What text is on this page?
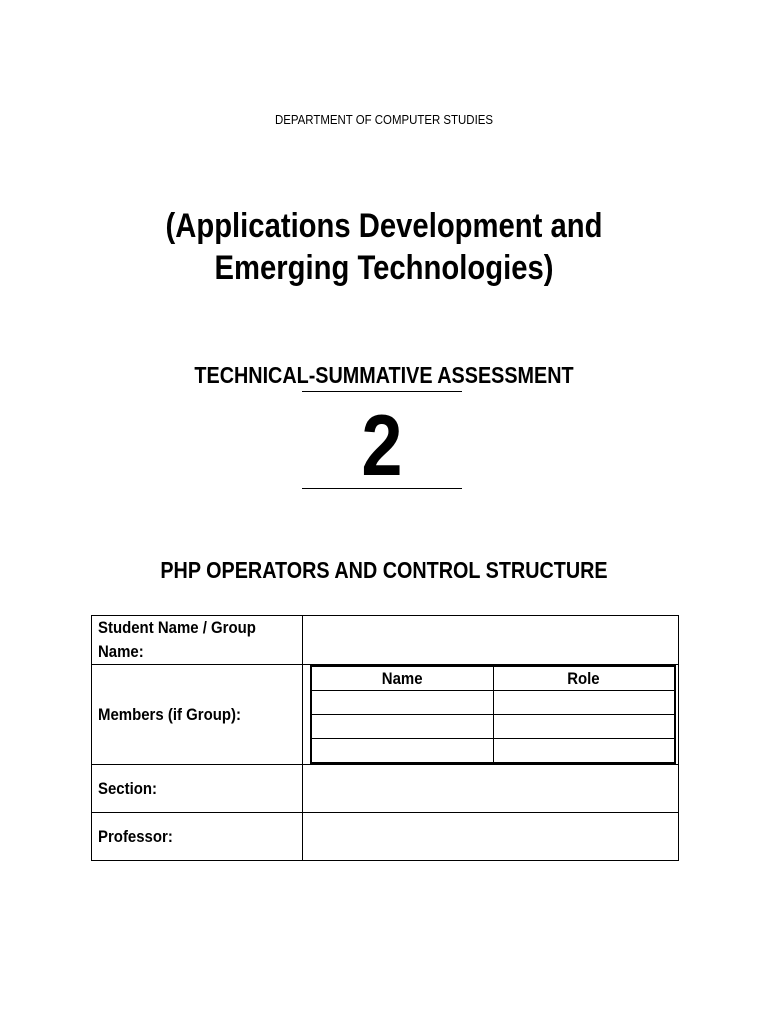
DEPARTMENT OF COMPUTER STUDIES
(Applications Development and Emerging Technologies)
TECHNICAL-SUMMATIVE ASSESSMENT
2
PHP OPERATORS AND CONTROL STRUCTURE
Student Name / Group Name:	
Members (if Group):	
Name	Role

Section:	
Professor:	
